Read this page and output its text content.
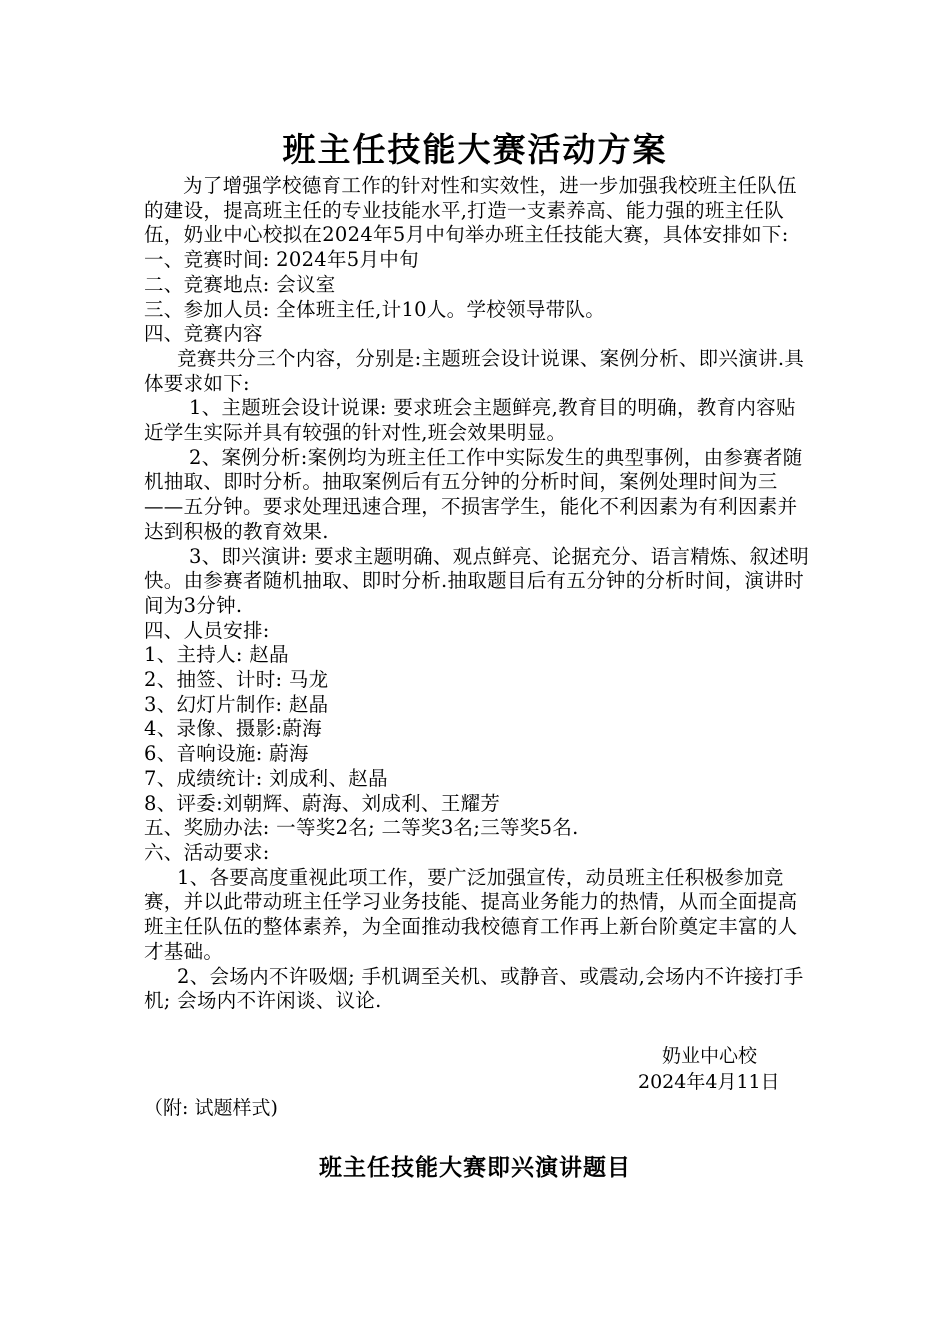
班主任技能大赛活动方案

为了增强学校德育工作的针对性和实效性，进一步加强我校班主任队伍的建设，提高班主任的专业技能水平,打造一支素养高、能力强的班主任队伍，奶业中心校拟在2024年5月中旬举办班主任技能大赛，具体安排如下:

一、竞赛时间: 2024年5月中旬

二、竞赛地点: 会议室

三、参加人员: 全体班主任,计10人。学校领导带队。

四、竞赛内容

竞赛共分三个内容，分别是:主题班会设计说课、案例分析、即兴演讲.具体要求如下:

1、主题班会设计说课: 要求班会主题鲜亮,教育目的明确，教育内容贴近学生实际并具有较强的针对性,班会效果明显。

2、案例分析:案例均为班主任工作中实际发生的典型事例，由参赛者随机抽取、即时分析。抽取案例后有五分钟的分析时间，案例处理时间为三——五分钟。要求处理迅速合理，不损害学生，能化不利因素为有利因素并达到积极的教育效果.

3、即兴演讲: 要求主题明确、观点鲜亮、论据充分、语言精炼、叙述明快。由参赛者随机抽取、即时分析.抽取题目后有五分钟的分析时间，演讲时间为3分钟.

四、人员安排:

1、主持人: 赵晶

2、抽签、计时: 马龙

3、幻灯片制作: 赵晶

4、录像、摄影:蔚海

6、音响设施: 蔚海

7、成绩统计: 刘成利、赵晶

8、评委:刘朝辉、蔚海、刘成利、王耀芳

五、奖励办法: 一等奖2名; 二等奖3名;三等奖5名.

六、活动要求:

1、各要高度重视此项工作，要广泛加强宣传，动员班主任积极参加竞赛，并以此带动班主任学习业务技能、提高业务能力的热情，从而全面提高班主任队伍的整体素养，为全面推动我校德育工作再上新台阶奠定丰富的人才基础。

2、会场内不许吸烟; 手机调至关机、或静音、或震动,会场内不许接打手机; 会场内不许闲谈、议论.

奶业中心校
2024年4月11日
（附: 试题样式)
班主任技能大赛即兴演讲题目
